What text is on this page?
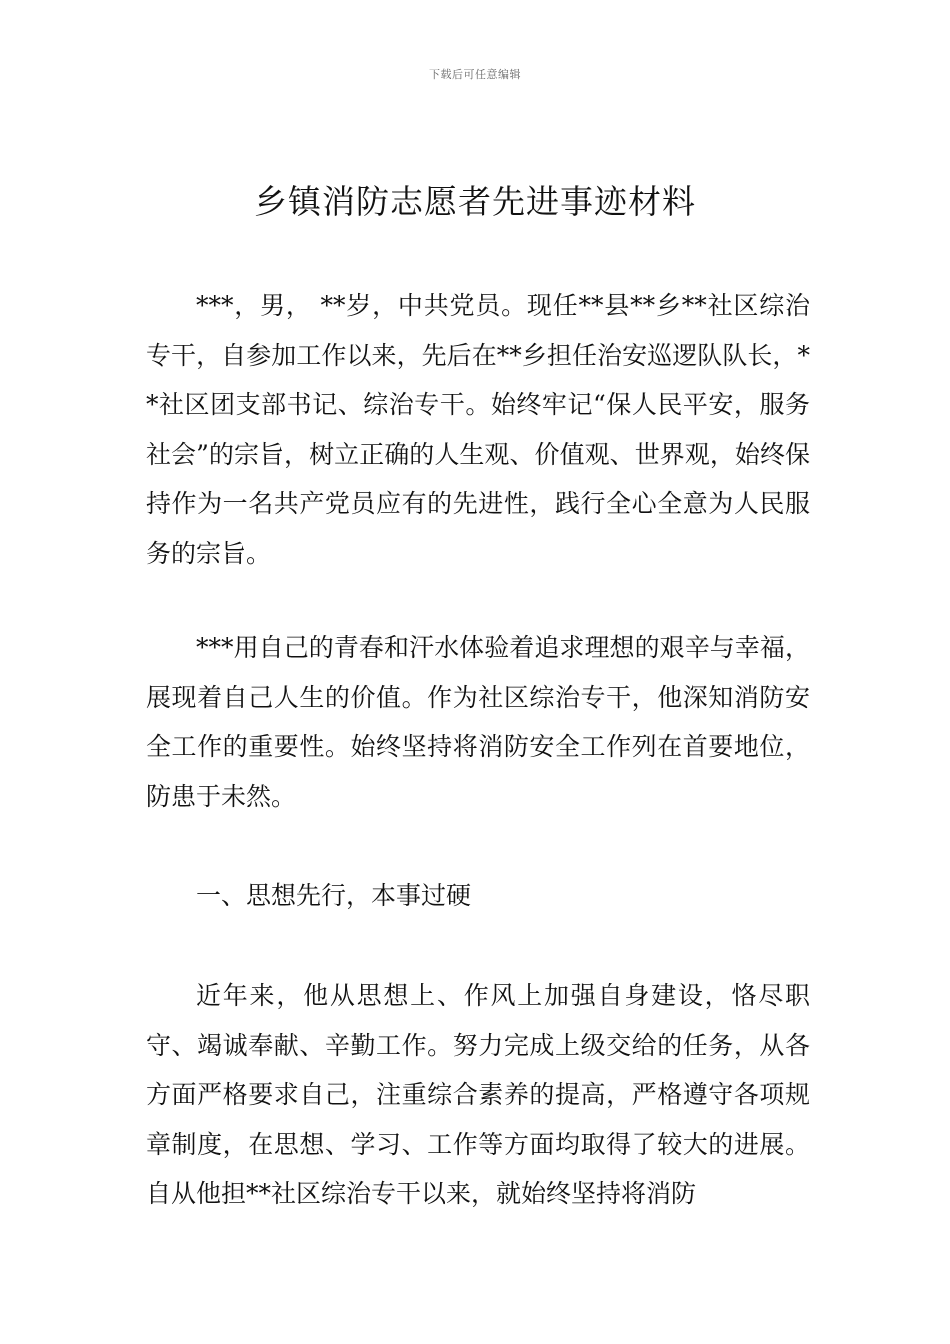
下载后可任意编辑
乡镇消防志愿者先进事迹材料

***，男， **岁，中共党员。现任**县**乡**社区综治专干，自参加工作以来，先后在**乡担任治安巡逻队队长，**社区团支部书记、综治专干。始终牢记“保人民平安，服务社会”的宗旨，树立正确的人生观、价值观、世界观，始终保持作为一名共产党员应有的先进性，践行全心全意为人民服务的宗旨。

***用自己的青春和汗水体验着追求理想的艰辛与幸福，展现着自己人生的价值。作为社区综治专干，他深知消防安全工作的重要性。始终坚持将消防安全工作列在首要地位，防患于未然。

一、思想先行，本事过硬

近年来，他从思想上、作风上加强自身建设，恪尽职守、竭诚奉献、辛勤工作。努力完成上级交给的任务，从各方面严格要求自己，注重综合素养的提高，严格遵守各项规章制度，在思想、学习、工作等方面均取得了较大的进展。自从他担**社区综治专干以来，就始终坚持将消防
